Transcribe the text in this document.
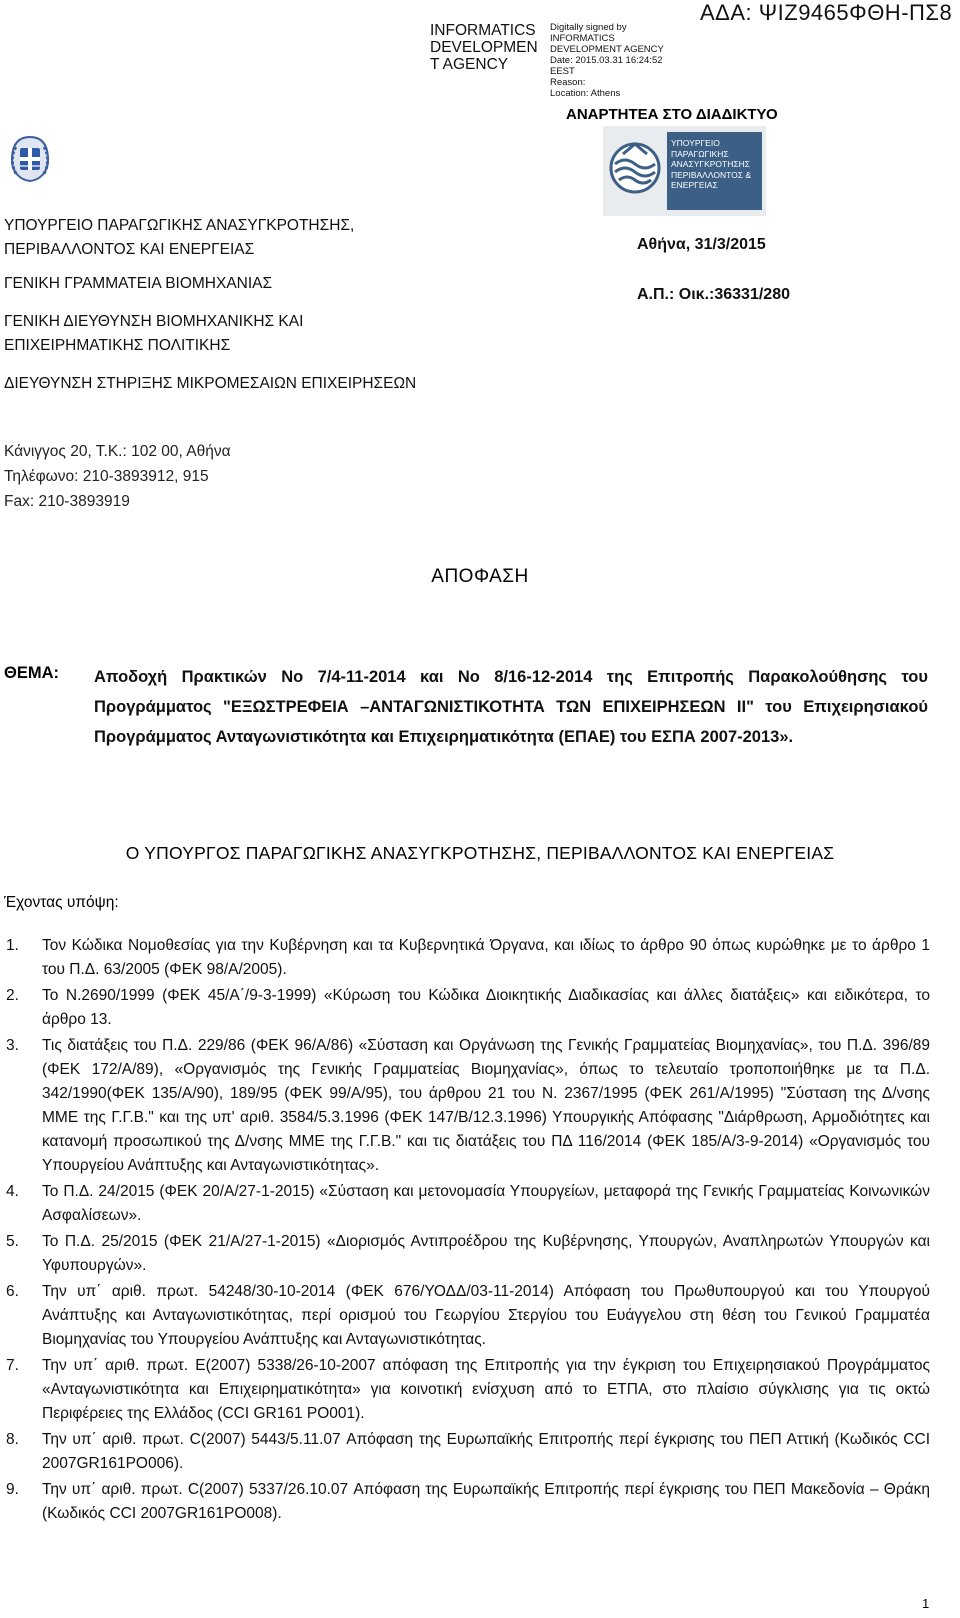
INFORMATICS DEVELOPMEN T AGENCY
Digitally signed by
INFORMATICS
DEVELOPMENT AGENCY
Date: 2015.03.31 16:24:52
EEST
Reason:
Location: Athens
ΑΔΑ: ΨΙΖ9465ΦΘΗ-ΠΣ8
ΑΝΑΡΤΗΤΕΑ ΣΤΟ ΔΙΑΔΙΚΤΥΟ
ΥΠΟΥΡΓΕΙΟ ΠΑΡΑΓΩΓΙΚΗΣ ΑΝΑΣΥΓΚΡΟΤΗΣΗΣ ΠΕΡΙΒΑΛΛΟΝΤΟΣ & ΕΝΕΡΓΕΙΑΣ
ΥΠΟΥΡΓΕΙΟ ΠΑΡΑΓΩΓΙΚΗΣ ΑΝΑΣΥΓΚΡΟΤΗΣΗΣ, ΠΕΡΙΒΑΛΛΟΝΤΟΣ ΚΑΙ ΕΝΕΡΓΕΙΑΣ
ΓΕΝΙΚΗ ΓΡΑΜΜΑΤΕΙΑ ΒΙΟΜΗΧΑΝΙΑΣ
ΓΕΝΙΚΗ ΔΙΕΥΘΥΝΣΗ ΒΙΟΜΗΧΑΝΙΚΗΣ ΚΑΙ ΕΠΙΧΕΙΡΗΜΑΤΙΚΗΣ ΠΟΛΙΤΙΚΗΣ
ΔΙΕΥΘΥΝΣΗ ΣΤΗΡΙΞΗΣ ΜΙΚΡΟΜΕΣΑΙΩΝ ΕΠΙΧΕΙΡΗΣΕΩΝ
Κάνιγγος 20, Τ.Κ.: 102 00, Αθήνα
Τηλέφωνο: 210-3893912, 915
Fax: 210-3893919
Αθήνα, 31/3/2015
Α.Π.: Οικ.:36331/280
ΑΠΟΦΑΣΗ
ΘΕΜΑ: Αποδοχή Πρακτικών Νο 7/4-11-2014 και Νο 8/16-12-2014 της Επιτροπής Παρακολούθησης του Προγράμματος "ΕΞΩΣΤΡΕΦΕΙΑ –ΑΝΤΑΓΩΝΙΣΤΙΚΟΤΗΤΑ ΤΩΝ ΕΠΙΧΕΙΡΗΣΕΩΝ ΙΙ" του Επιχειρησιακού Προγράμματος Ανταγωνιστικότητα και Επιχειρηματικότητα (ΕΠΑΕ) του ΕΣΠΑ 2007-2013».
Ο ΥΠΟΥΡΓΟΣ ΠΑΡΑΓΩΓΙΚΗΣ ΑΝΑΣΥΓΚΡΟΤΗΣΗΣ, ΠΕΡΙΒΑΛΛΟΝΤΟΣ ΚΑΙ ΕΝΕΡΓΕΙΑΣ
Έχοντας υπόψη:
1. Τον Κώδικα Νομοθεσίας για την Κυβέρνηση και τα Κυβερνητικά Όργανα, και ιδίως το άρθρο 90 όπως κυρώθηκε με το άρθρο 1 του Π.Δ. 63/2005 (ΦΕΚ 98/Α/2005).
2. Το Ν.2690/1999 (ΦΕΚ 45/Α΄/9-3-1999) «Κύρωση του Κώδικα Διοικητικής Διαδικασίας και άλλες διατάξεις» και ειδικότερα, το άρθρο 13.
3. Τις διατάξεις του Π.Δ. 229/86 (ΦΕΚ 96/Α/86) «Σύσταση και Οργάνωση της Γενικής Γραμματείας Βιομηχανίας», του Π.Δ. 396/89 (ΦΕΚ 172/Α/89), «Οργανισμός της Γενικής Γραμματείας Βιομηχανίας», όπως το τελευταίο τροποποιήθηκε με τα Π.Δ. 342/1990(ΦΕΚ 135/Α/90), 189/95 (ΦΕΚ 99/Α/95), του άρθρου 21 του Ν. 2367/1995 (ΦΕΚ 261/Α/1995) "Σύσταση της Δ/νσης ΜΜΕ της Γ.Γ.Β." και της υπ' αριθ. 3584/5.3.1996 (ΦΕΚ 147/Β/12.3.1996) Υπουργικής Απόφασης "Διάρθρωση, Αρμοδιότητες και κατανομή προσωπικού της Δ/νσης ΜΜΕ της Γ.Γ.Β." και τις διατάξεις του ΠΔ 116/2014 (ΦΕΚ 185/Α/3-9-2014) «Οργανισμός του Υπουργείου Ανάπτυξης και Ανταγωνιστικότητας».
4. Το Π.Δ. 24/2015 (ΦΕΚ 20/Α/27-1-2015) «Σύσταση και μετονομασία Υπουργείων, μεταφορά της Γενικής Γραμματείας Κοινωνικών Ασφαλίσεων».
5. Το Π.Δ. 25/2015 (ΦΕΚ 21/Α/27-1-2015) «Διορισμός Αντιπροέδρου της Κυβέρνησης, Υπουργών, Αναπληρωτών Υπουργών και Υφυπουργών».
6. Την υπ΄ αριθ. πρωτ. 54248/30-10-2014 (ΦΕΚ 676/ΥΟΔΔ/03-11-2014) Απόφαση του Πρωθυπουργού και του Υπουργού Ανάπτυξης και Ανταγωνιστικότητας, περί ορισμού του Γεωργίου Στεργίου του Ευάγγελου στη θέση του Γενικού Γραμματέα Βιομηχανίας του Υπουργείου Ανάπτυξης και Ανταγωνιστικότητας.
7. Την υπ΄ αριθ. πρωτ. Ε(2007) 5338/26-10-2007 απόφαση της Επιτροπής για την έγκριση του Επιχειρησιακού Προγράμματος «Ανταγωνιστικότητα και Επιχειρηματικότητα» για κοινοτική ενίσχυση από το ΕΤΠΑ, στο πλαίσιο σύγκλισης για τις οκτώ Περιφέρειες της Ελλάδος (CCI GR161 PO001).
8. Την υπ΄ αριθ. πρωτ. C(2007) 5443/5.11.07 Απόφαση της Ευρωπαϊκής Επιτροπής περί έγκρισης του ΠΕΠ Αττική (Κωδικός CCI 2007GR161PO006).
9. Την υπ΄ αριθ. πρωτ. C(2007) 5337/26.10.07 Απόφαση της Ευρωπαϊκής Επιτροπής περί έγκρισης του ΠΕΠ Μακεδονία – Θράκη (Κωδικός CCI 2007GR161PO008).
1
